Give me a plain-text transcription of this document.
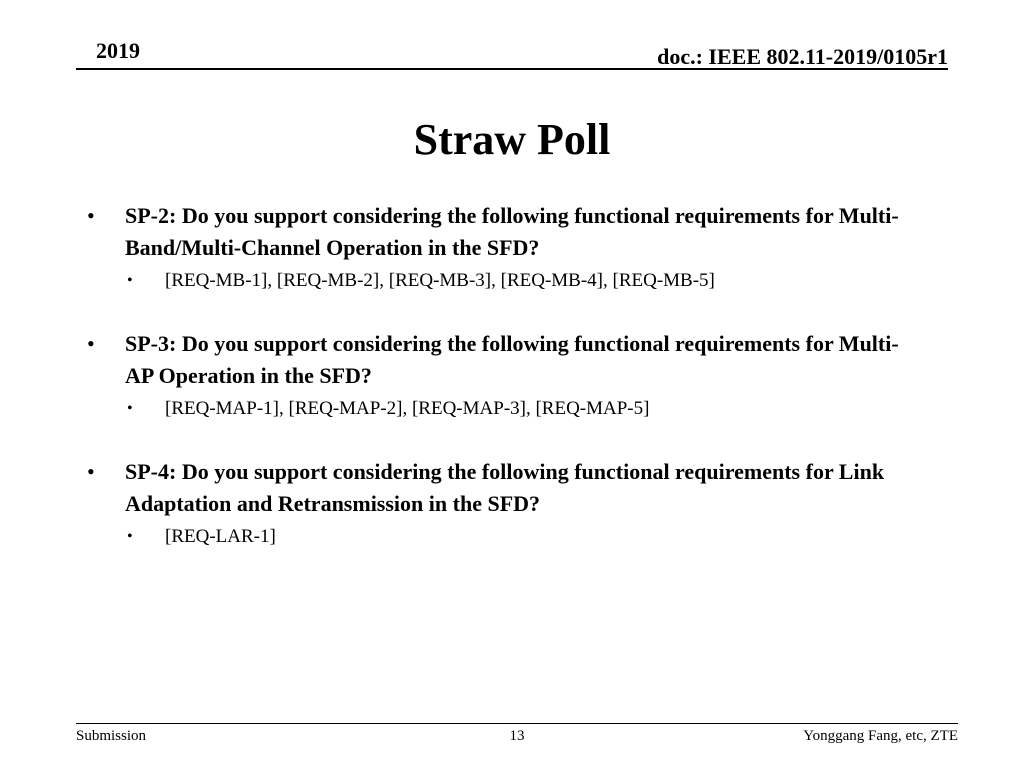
2019	doc.: IEEE 802.11-2019/0105r1
Straw Poll
• SP-2: Do you support considering the following functional requirements for Multi-Band/Multi-Channel Operation in the SFD?
• [REQ-MB-1], [REQ-MB-2], [REQ-MB-3], [REQ-MB-4], [REQ-MB-5]
• SP-3: Do you support considering the following functional requirements for Multi-AP Operation in the SFD?
• [REQ-MAP-1], [REQ-MAP-2], [REQ-MAP-3], [REQ-MAP-5]
• SP-4: Do you support considering the following functional requirements for Link Adaptation and Retransmission in the SFD?
• [REQ-LAR-1]
Submission	13	Yonggang Fang, etc, ZTE
